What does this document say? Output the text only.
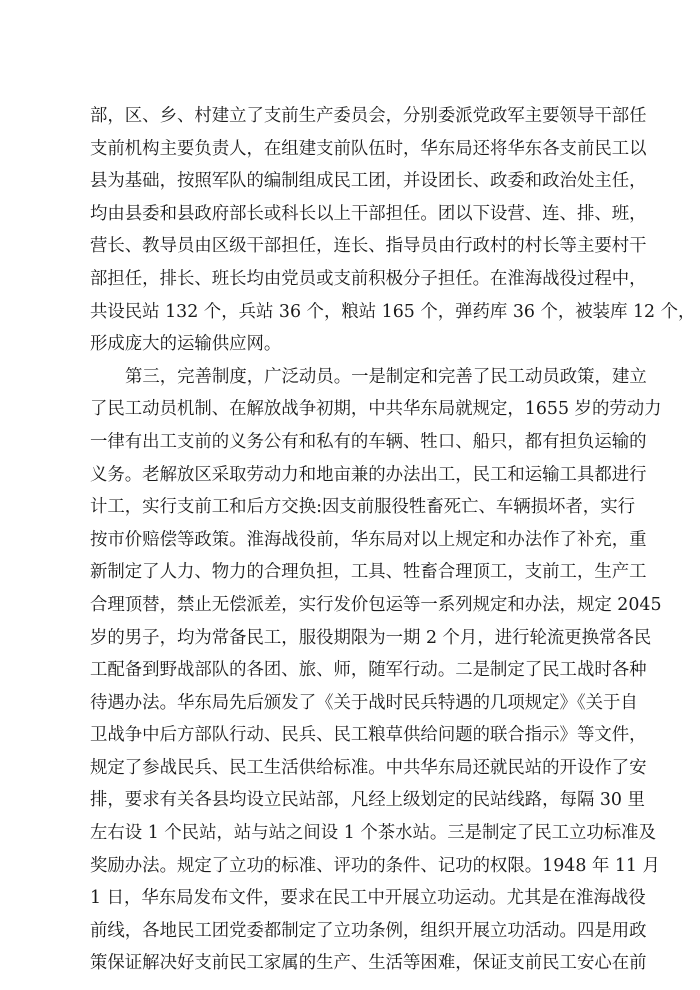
部，区、乡、村建立了支前生产委员会，分别委派党政军主要领导干部任
支前机构主要负责人，在组建支前队伍时，华东局还将华东各支前民工以
县为基础，按照军队的编制组成民工团，并设团长、政委和政治处主任，
均由县委和县政府部长或科长以上干部担任。团以下设营、连、排、班，
营长、教导员由区级干部担任，连长、指导员由行政村的村长等主要村干
部担任，排长、班长均由党员或支前积极分子担任。在淮海战役过程中，
共设民站 132 个，兵站 36 个，粮站 165 个，弹药库 36 个，被装库 12 个，
形成庞大的运输供应网。
第三，完善制度，广泛动员。一是制定和完善了民工动员政策，建立
了民工动员机制、在解放战争初期，中共华东局就规定，1655 岁的劳动力
一律有出工支前的义务公有和私有的车辆、牲口、船只，都有担负运输的
义务。老解放区采取劳动力和地亩兼的办法出工，民工和运输工具都进行
计工，实行支前工和后方交换:因支前服役牲畜死亡、车辆损坏者，实行
按市价赔偿等政策。淮海战役前，华东局对以上规定和办法作了补充，重
新制定了人力、物力的合理负担，工具、牲畜合理顶工，支前工，生产工
合理顶替，禁止无偿派差，实行发价包运等一系列规定和办法，规定 2045
岁的男子，均为常备民工，服役期限为一期 2 个月，进行轮流更换常各民
工配备到野战部队的各团、旅、师，随军行动。二是制定了民工战时各种
待遇办法。华东局先后颁发了《关于战时民兵特遇的几项规定》《关于自
卫战争中后方部队行动、民兵、民工粮草供给问题的联合指示》等文件，
规定了参战民兵、民工生活供给标准。中共华东局还就民站的开设作了安
排，要求有关各县均设立民站部，凡经上级划定的民站线路，每隔 30 里
左右设 1 个民站，站与站之间设 1 个茶水站。三是制定了民工立功标准及
奖励办法。规定了立功的标准、评功的条件、记功的权限。1948 年 11 月
1 日，华东局发布文件，要求在民工中开展立功运动。尤其是在淮海战役
前线，各地民工团党委都制定了立功条例，组织开展立功活动。四是用政
策保证解决好支前民工家属的生产、生活等困难，保证支前民工安心在前
